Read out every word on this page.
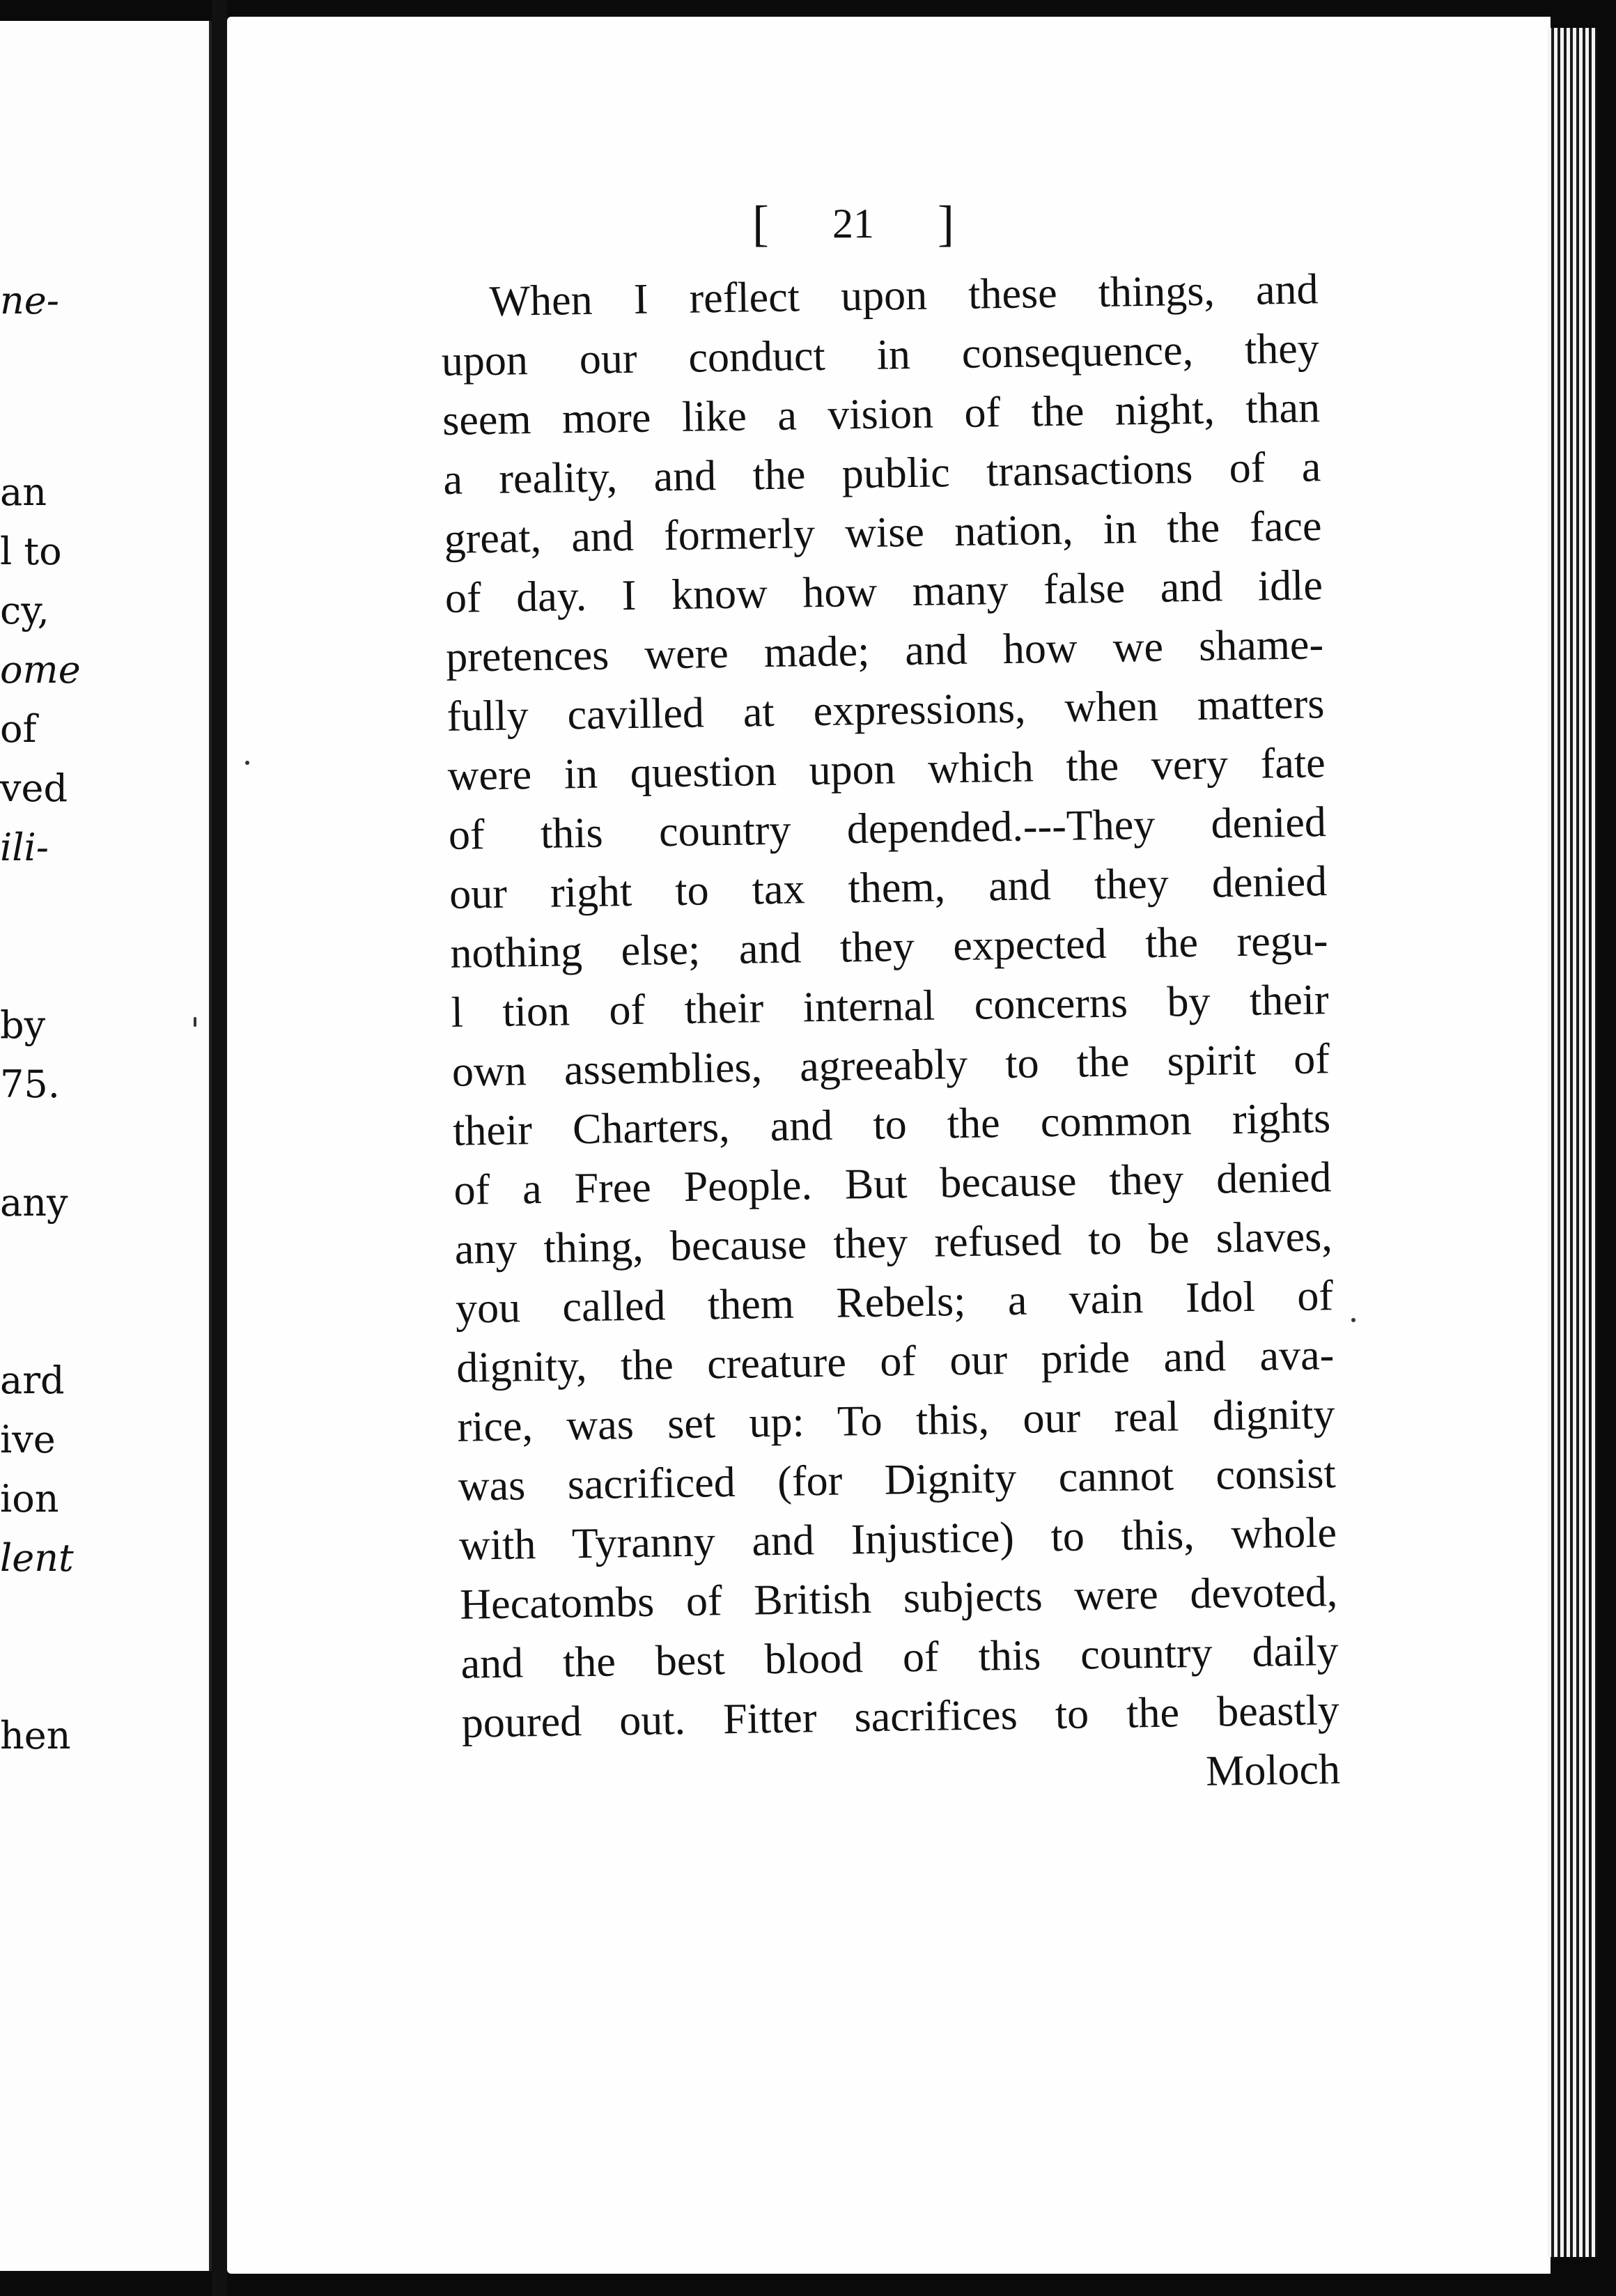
ne-
an
l to
cy,
ome
of
ved
ili-
by
75.
any
ard
ive
ion
lent
hen
[ 21 ]
When I reflect upon these things, and
upon our conduct in consequence, they
seem more like a vision of the night, than
a reality, and the public transactions of a
great, and formerly wise nation, in the face
of day. I know how many false and idle
pretences were made; and how we shame-
fully cavilled at expressions, when matters
were in question upon which the very fate
of this country depended.---They denied
our right to tax them, and they denied
nothing else; and they expected the regu-
l tion of their internal concerns by their
own assemblies, agreeably to the spirit of
their Charters, and to the common rights
of a Free People. But because they denied
any thing, because they refused to be slaves,
you called them Rebels; a vain Idol of
dignity, the creature of our pride and ava-
rice, was set up: To this, our real dignity
was sacrificed (for Dignity cannot consist
with Tyranny and Injustice) to this, whole
Hecatombs of British subjects were devoted,
and the best blood of this country daily
poured out. Fitter sacrifices to the beastly
Moloch
